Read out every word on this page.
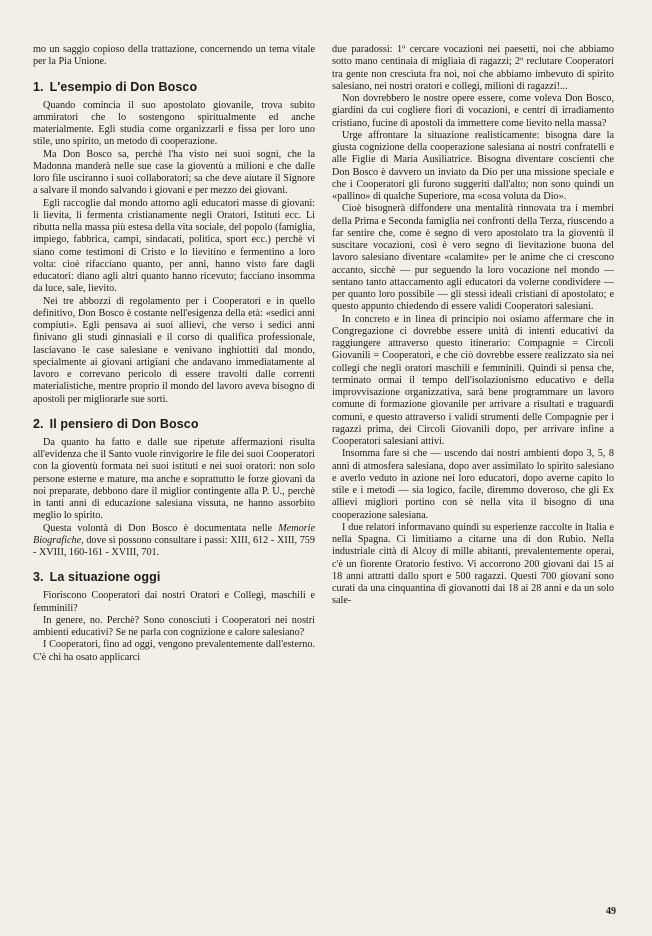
mo un saggio copioso della trattazione, concernendo un tema vitale per la Pia Unione.

1. L'esempio di Don Bosco

Quando comincia il suo apostolato giovanile, trova subito ammiratori che lo sostengono spiritualmente ed anche materialmente. Egli studia come organizzarli e fissa per loro uno stile, uno spirito, un metodo di cooperazione.

Ma Don Bosco sa, perchè l'ha visto nei suoi sogni, che la Madonna manderà nelle sue case la gioventù a milioni e che dalle loro file usciranno i suoi collaboratori; sa che deve aiutare il Signore a salvare il mondo salvando i giovani e per mezzo dei giovani.

Egli raccoglie dal mondo attorno agli educatori masse di giovani: li lievita, li fermenta cristianamente negli Oratori, Istituti ecc. Li ributta nella massa più estesa della vita sociale, del popolo (famiglia, impiego, fabbrica, campi, sindacati, politica, sport ecc.) perchè vi siano come testimoni di Cristo e lo lievitino e fermentino a loro volta: cioè rifacciano quanto, per anni, hanno visto fare dagli educatori: diano agli altri quanto hanno ricevuto; facciano insomma da luce, sale, lievito.

Nei tre abbozzi di regolamento per i Cooperatori e in quello definitivo, Don Bosco è costante nell'esigenza della età: «sedici anni compiuti». Egli pensava ai suoi allievi, che verso i sedici anni finivano gli studi ginnasiali e il corso di qualifica professionale, lasciavano le case salesiane e venivano inghiottiti dal mondo, specialmente ai giovani artigiani che andavano immediatamente al lavoro e correvano pericolo di essere travolti dalle correnti materialistiche, mentre proprio il mondo del lavoro aveva bisogno di apostoli per migliorarle sue sorti.

2. Il pensiero di Don Bosco

Da quanto ha fatto e dalle sue ripetute affermazioni risulta all'evidenza che il Santo vuole rinvigorire le file dei suoi Cooperatori con la gioventù formata nei suoi istituti e nei suoi oratori: non solo persone esterne e mature, ma anche e soprattutto le forze giovani da noi preparate, debbono dare il miglior contingente alla P. U., perchè in tanti anni di educazione salesiana vissuta, ne hanno assorbito meglio lo spirito.

Questa volontà di Don Bosco è documentata nelle Memorie Biografiche, dove si possono consultare i passi: XIII, 612 - XIII, 759 - XVIII, 160-161 - XVIII, 701.

3. La situazione oggi

Fioriscono Cooperatori dai nostri Oratori e Collegi, maschili e femminili?

In genere, no. Perchè? Sono conosciuti i Cooperatori nei nostri ambienti educativi? Se ne parla con cognizione e calore salesiano?

I Cooperatori, fino ad oggi, vengono prevalentemente dall'esterno. C'è chi ha osato applicarci

due paradossi: 1º cercare vocazioni nei paesetti, noi che abbiamo sotto mano centinaia di migliaia di ragazzi; 2º reclutare Cooperatori tra gente non cresciuta fra noi, noi che abbiamo imbevuto di spirito salesiano, nei nostri oratori e collegi, milioni di ragazzi!...

Non dovrebbero le nostre opere essere, come voleva Don Bosco, giardini da cui cogliere fiori di vocazioni, e centri di irradiamento cristiano, fucine di apostoli da immettere come lievito nella massa?

Urge affrontare la situazione realisticamente: bisogna dare la giusta cognizione della cooperazione salesiana ai nostri confratelli e alle Figlie di Maria Ausiliatrice. Bisogna diventare coscienti che Don Bosco è davvero un inviato da Dio per una missione speciale e che i Cooperatori gli furono suggeriti dall'alto; non sono quindi un «pallino» di qualche Superiore, ma «cosa voluta da Dio».

Cioè bisognerà diffondere una mentalità rinnovata tra i membri della Prima e Seconda famiglia nei confronti della Terza, riuscendo a far sentire che, come è segno di vero apostolato tra la gioventù il suscitare vocazioni, così è vero segno di lievitazione buona del lavoro salesiano diventare «calamite» per le anime che ci crescono accanto, sicchè — pur seguendo la loro vocazione nel mondo — sentano tanto attaccamento agli educatori da volerne condividere — per quanto loro possibile — gli stessi ideali cristiani di apostolato; e questo appunto chiedendo di essere validi Cooperatori salesiani.

In concreto e in linea di principio noi osiamo affermare che in Congregazione ci dovrebbe essere unità di intenti educativi da raggiungere attraverso questo itinerario: Compagnie = Circoli Giovanili = Cooperatori, e che ciò dovrebbe essere realizzato sia nei collegi che negli oratori maschili e femminili. Quindi si pensa che, terminato ormai il tempo dell'isolazionismo educativo e della improvvisazione organizzativa, sarà bene programmare un lavoro comune di formazione giovanile per arrivare a risultati e traguardi comuni, e questo attraverso i validi strumenti delle Compagnie per i ragazzi prima, dei Circoli Giovanili dopo, per arrivare infine a Cooperatori salesiani attivi.

Insomma fare sì che — uscendo dai nostri ambienti dopo 3, 5, 8 anni di atmosfera salesiana, dopo aver assimilato lo spirito salesiano e averlo veduto in azione nei loro educatori, dopo averne capito lo stile e i metodi — sia logico, facile, diremmo doveroso, che gli Ex allievi migliori portino con sè nella vita il bisogno di una cooperazione salesiana.

I due relatori informavano quindi su esperienze raccolte in Italia e nella Spagna. Ci limitiamo a citarne una di don Rubio. Nella industriale città di Alcoy di mille abitanti, prevalentemente operai, c'è un fiorente Oratorio festivo. Vi accorrono 200 giovani dai 15 ai 18 anni attratti dallo sport e 500 ragazzi. Questi 700 giovani sono curati da una cinquantina di giovanotti dai 18 ai 28 anni e da un solo sale-

49
